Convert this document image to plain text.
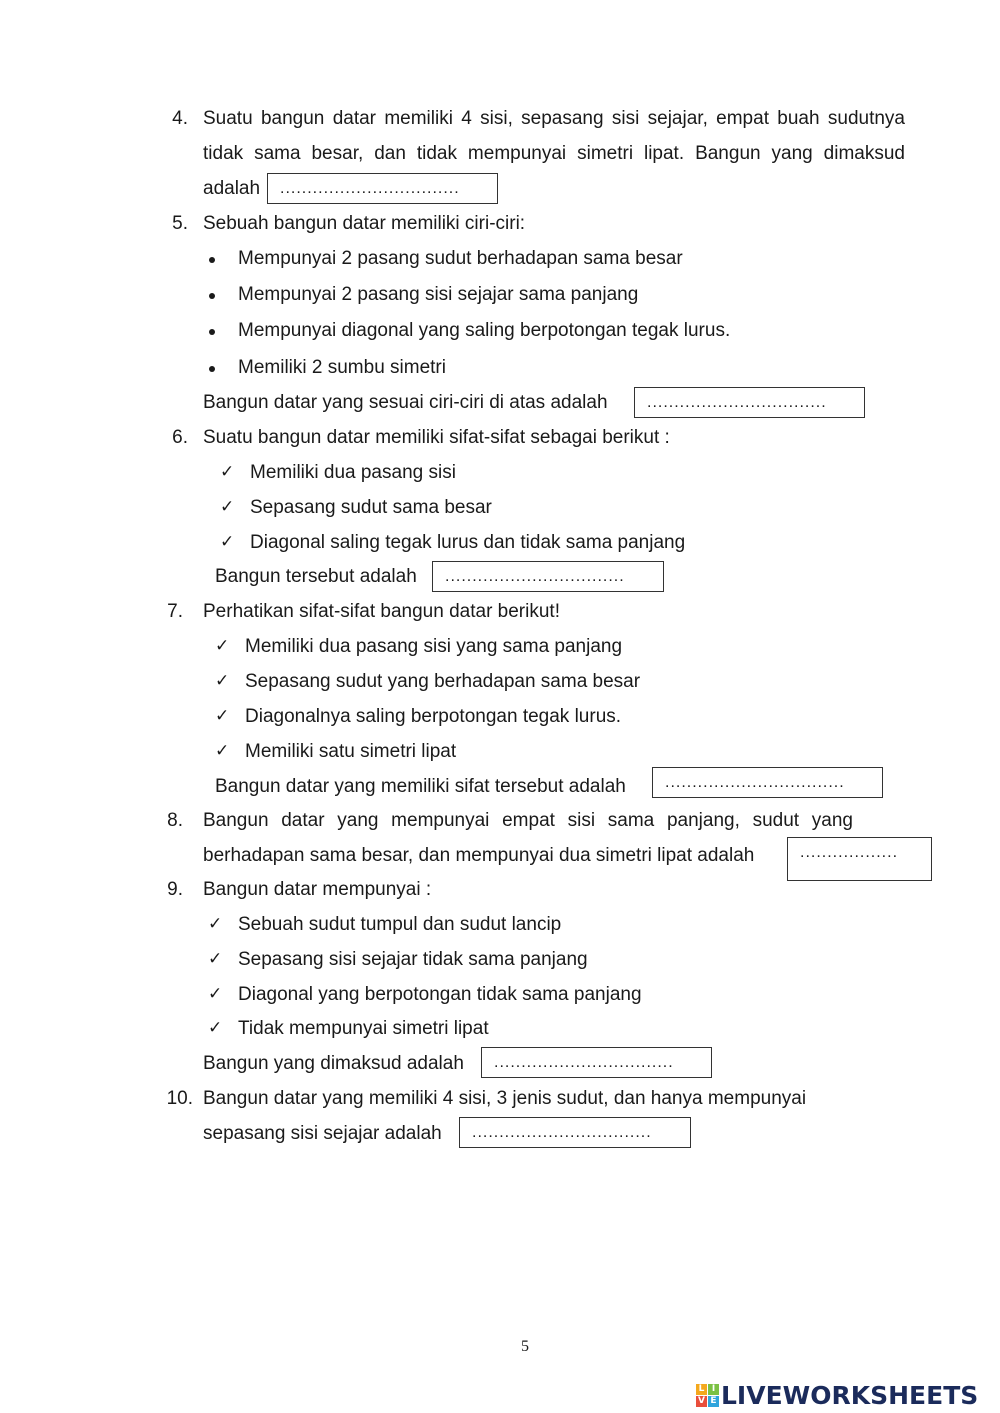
4. Suatu bangun datar memiliki 4 sisi, sepasang sisi sejajar, empat buah sudutnya
tidak sama besar, dan tidak mempunyai simetri lipat. Bangun yang dimaksud
adalah	.................................
5. Sebuah bangun datar memiliki ciri-ciri:
Mempunyai 2 pasang sudut berhadapan sama besar
Mempunyai 2 pasang sisi sejajar sama panjang
Mempunyai diagonal yang saling berpotongan tegak lurus.
Memiliki 2 sumbu simetri
Bangun datar yang sesuai ciri-ciri di atas adalah	.................................
6. Suatu bangun datar memiliki sifat-sifat sebagai berikut :
✓ Memiliki dua pasang sisi
✓ Sepasang sudut sama besar
✓ Diagonal saling tegak lurus dan tidak sama panjang
Bangun tersebut adalah	.................................
7. Perhatikan sifat-sifat bangun datar berikut!
✓ Memiliki dua pasang sisi yang sama panjang
✓ Sepasang sudut yang berhadapan sama besar
✓ Diagonalnya saling berpotongan tegak lurus.
✓ Memiliki satu simetri lipat
Bangun datar yang memiliki sifat tersebut adalah	.................................
8. Bangun datar yang mempunyai empat sisi sama panjang, sudut yang
berhadapan sama besar, dan mempunyai dua simetri lipat adalah	..................
9. Bangun datar mempunyai :
✓ Sebuah sudut tumpul dan sudut lancip
✓ Sepasang sisi sejajar tidak sama panjang
✓ Diagonal yang berpotongan tidak sama panjang
✓ Tidak mempunyai simetri lipat
Bangun yang dimaksud adalah	.................................
10. Bangun datar yang memiliki 4 sisi, 3 jenis sudut, dan hanya mempunyai
sepasang sisi sejajar adalah	.................................
5
L I
V E LIVEWORKSHEETS
